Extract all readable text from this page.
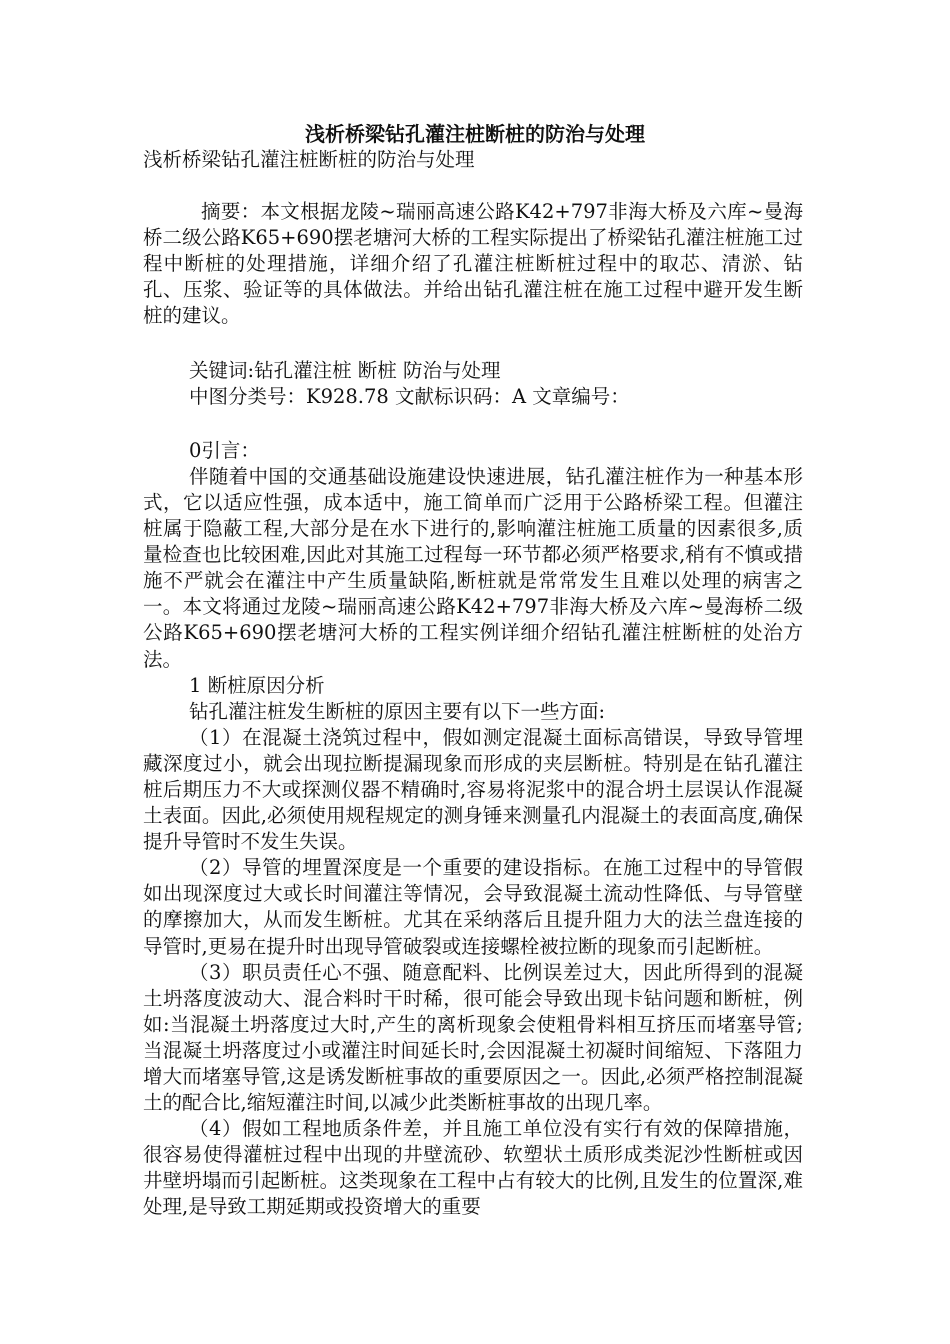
浅析桥梁钻孔灌注桩断桩的防治与处理

浅析桥梁钻孔灌注桩断桩的防治与处理

摘要：本文根据龙陵~瑞丽高速公路K42+797非海大桥及六库~曼海桥二级公路K65+690摆老塘河大桥的工程实际提出了桥梁钻孔灌注桩施工过程中断桩的处理措施，详细介绍了孔灌注桩断桩过程中的取芯、清淤、钻孔、压浆、验证等的具体做法。并给出钻孔灌注桩在施工过程中避开发生断桩的建议。

关键词:钻孔灌注桩 断桩 防治与处理

中图分类号：K928.78 文献标识码：A 文章编号：

0引言：

伴随着中国的交通基础设施建设快速进展，钻孔灌注桩作为一种基本形式，它以适应性强，成本适中，施工简单而广泛用于公路桥梁工程。但灌注桩属于隐蔽工程,大部分是在水下进行的,影响灌注桩施工质量的因素很多,质量检查也比较困难,因此对其施工过程每一环节都必须严格要求,稍有不慎或措施不严就会在灌注中产生质量缺陷,断桩就是常常发生且难以处理的病害之一。本文将通过龙陵~瑞丽高速公路K42+797非海大桥及六库~曼海桥二级公路K65+690摆老塘河大桥的工程实例详细介绍钻孔灌注桩断桩的处治方法。

1 断桩原因分析

钻孔灌注桩发生断桩的原因主要有以下一些方面:

（1）在混凝土浇筑过程中，假如测定混凝土面标高错误，导致导管埋藏深度过小，就会出现拉断提漏现象而形成的夹层断桩。特别是在钻孔灌注桩后期压力不大或探测仪器不精确时,容易将泥浆中的混合坍土层误认作混凝土表面。因此,必须使用规程规定的测身锤来测量孔内混凝土的表面高度,确保提升导管时不发生失误。

（2）导管的埋置深度是一个重要的建设指标。在施工过程中的导管假如出现深度过大或长时间灌注等情况，会导致混凝土流动性降低、与导管壁的摩擦加大，从而发生断桩。尤其在采纳落后且提升阻力大的法兰盘连接的导管时,更易在提升时出现导管破裂或连接螺栓被拉断的现象而引起断桩。

（3）职员责任心不强、随意配料、比例误差过大，因此所得到的混凝土坍落度波动大、混合料时干时稀，很可能会导致出现卡钻问题和断桩，例如:当混凝土坍落度过大时,产生的离析现象会使粗骨料相互挤压而堵塞导管;当混凝土坍落度过小或灌注时间延长时,会因混凝土初凝时间缩短、下落阻力增大而堵塞导管,这是诱发断桩事故的重要原因之一。因此,必须严格控制混凝土的配合比,缩短灌注时间,以减少此类断桩事故的出现几率。

（4）假如工程地质条件差，并且施工单位没有实行有效的保障措施，很容易使得灌桩过程中出现的井壁流砂、软塑状土质形成类泥沙性断桩或因井壁坍塌而引起断桩。这类现象在工程中占有较大的比例,且发生的位置深,难处理,是导致工期延期或投资增大的重要
